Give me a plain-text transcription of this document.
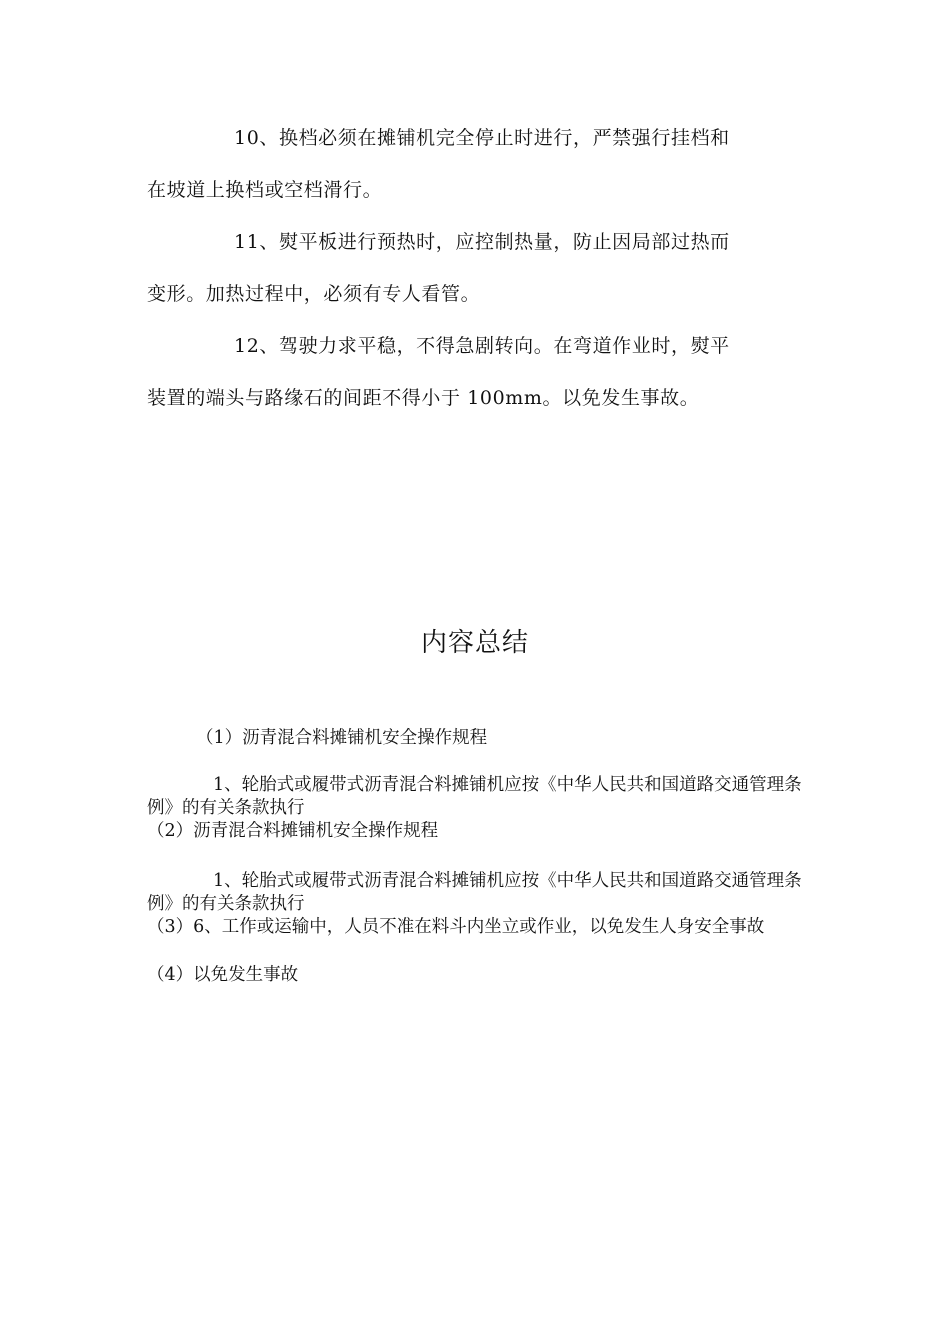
10、换档必须在摊铺机完全停止时进行，严禁强行挂档和
在坡道上换档或空档滑行。
11、熨平板进行预热时，应控制热量，防止因局部过热而
变形。加热过程中，必须有专人看管。
12、驾驶力求平稳，不得急剧转向。在弯道作业时，熨平
装置的端头与路缘石的间距不得小于 100mm。以免发生事故。
内容总结
（1）沥青混合料摊铺机安全操作规程
1、轮胎式或履带式沥青混合料摊铺机应按《中华人民共和国道路交通管理条例》的有关条款执行
（2）沥青混合料摊铺机安全操作规程
1、轮胎式或履带式沥青混合料摊铺机应按《中华人民共和国道路交通管理条例》的有关条款执行
（3）6、工作或运输中，人员不准在料斗内坐立或作业，以免发生人身安全事故
（4）以免发生事故
